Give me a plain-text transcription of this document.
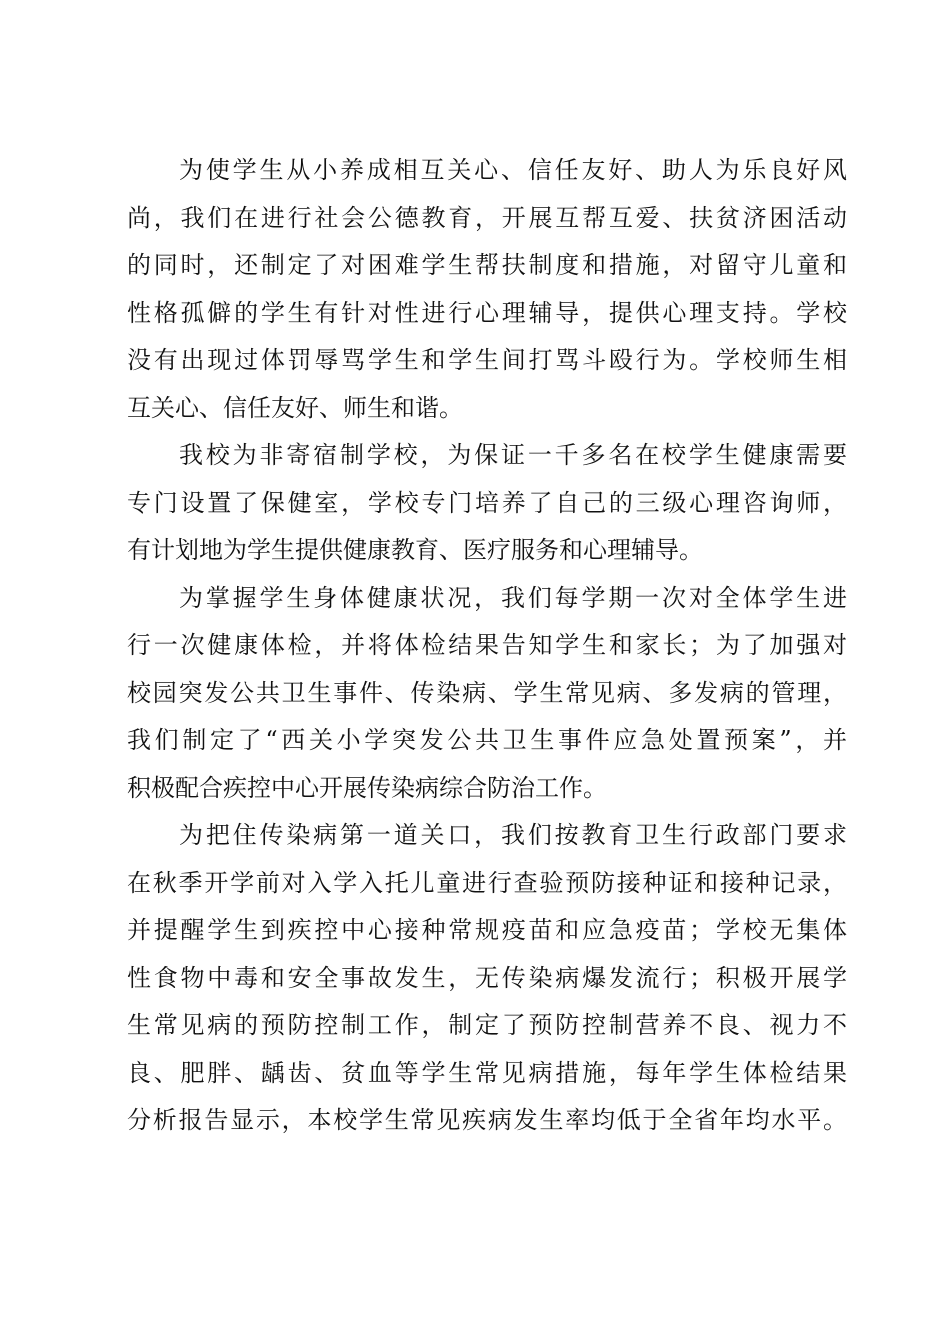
为使学生从小养成相互关心、信任友好、助人为乐良好风
尚，我们在进行社会公德教育，开展互帮互爱、扶贫济困活动
的同时，还制定了对困难学生帮扶制度和措施，对留守儿童和
性格孤僻的学生有针对性进行心理辅导，提供心理支持。学校
没有出现过体罚辱骂学生和学生间打骂斗殴行为。学校师生相
互关心、信任友好、师生和谐。
我校为非寄宿制学校，为保证一千多名在校学生健康需要
专门设置了保健室，学校专门培养了自己的三级心理咨询师，
有计划地为学生提供健康教育、医疗服务和心理辅导。
为掌握学生身体健康状况，我们每学期一次对全体学生进
行一次健康体检，并将体检结果告知学生和家长；为了加强对
校园突发公共卫生事件、传染病、学生常见病、多发病的管理，
我们制定了“西关小学突发公共卫生事件应急处置预案”，并
积极配合疾控中心开展传染病综合防治工作。
为把住传染病第一道关口，我们按教育卫生行政部门要求
在秋季开学前对入学入托儿童进行查验预防接种证和接种记录，
并提醒学生到疾控中心接种常规疫苗和应急疫苗；学校无集体
性食物中毒和安全事故发生，无传染病爆发流行；积极开展学
生常见病的预防控制工作，制定了预防控制营养不良、视力不
良、肥胖、龋齿、贫血等学生常见病措施，每年学生体检结果
分析报告显示，本校学生常见疾病发生率均低于全省年均水平。
